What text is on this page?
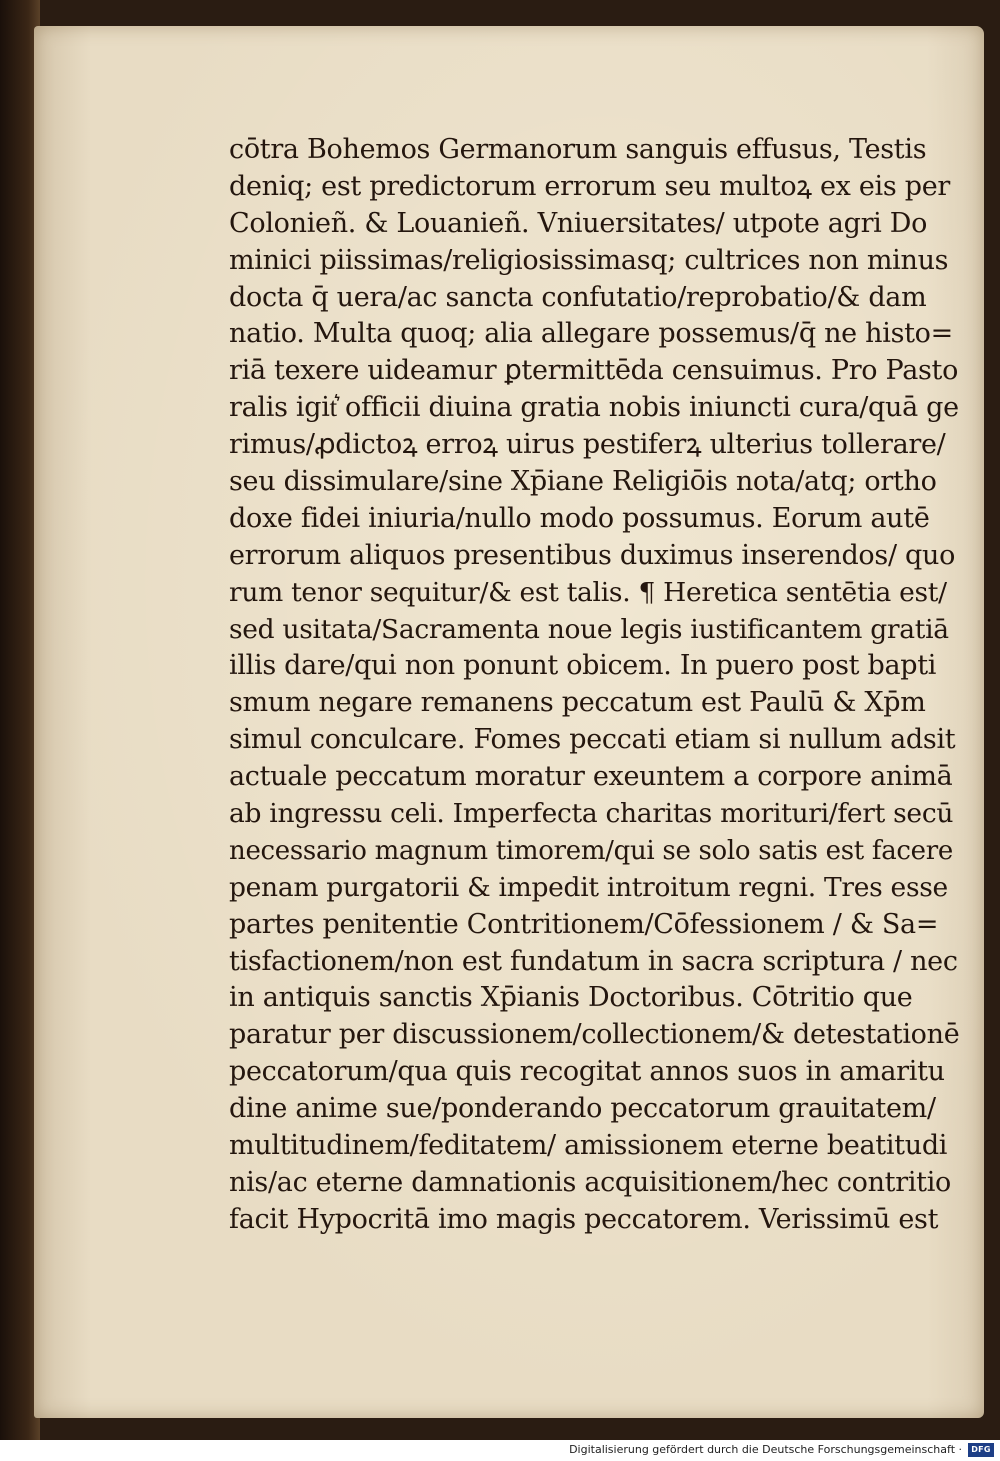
cōtra Bohemos Germanorum sanguis effusus, Testis
deniq; est predictorum errorum seu multoꝝ ex eis per
Colonieñ. & Louanieñ. Vniuersitates/ utpote agri Do
minici piissimas/religiosissimasq; cultrices non minus
docta q̄ uera/ac sancta confutatio/reprobatio/& dam
natio. Multa quoq; alia allegare possemus/q̄ ne histo=
riā texere uideamur ꝑtermittēda censuimus. Pro Pasto
ralis igit͛ officii diuina gratia nobis iniuncti cura/quā ge
rimus/ꝓdictoꝝ erroꝝ uirus pestiferꝝ ulterius tollerare/
seu dissimulare/sine Xp̄iane Religiōis nota/atq; ortho
doxe fidei iniuria/nullo modo possumus. Eorum autē
errorum aliquos presentibus duximus inserendos/ quo
rum tenor sequitur/& est talis. ¶ Heretica sentētia est/
sed usitata/Sacramenta noue legis iustificantem gratiā
illis dare/qui non ponunt obicem. In puero post bapti
smum negare remanens peccatum est Paulū & Xp̄m
simul conculcare. Fomes peccati etiam si nullum adsit
actuale peccatum moratur exeuntem a corpore animā
ab ingressu celi. Imperfecta charitas morituri/fert secū
necessario magnum timorem/qui se solo satis est facere
penam purgatorii & impedit introitum regni. Tres esse
partes penitentie Contritionem/Cōfessionem / & Sa=
tisfactionem/non est fundatum in sacra scriptura / nec
in antiquis sanctis Xp̄ianis Doctoribus. Cōtritio que
paratur per discussionem/collectionem/& detestationē
peccatorum/qua quis recogitat annos suos in amaritu
dine anime sue/ponderando peccatorum grauitatem/
multitudinem/feditatem/ amissionem eterne beatitudi
nis/ac eterne damnationis acquisitionem/hec contritio
facit Hypocritā imo magis peccatorem. Verissimū est
Digitalisierung gefördert durch die Deutsche Forschungsgemeinschaft ·	DFG
